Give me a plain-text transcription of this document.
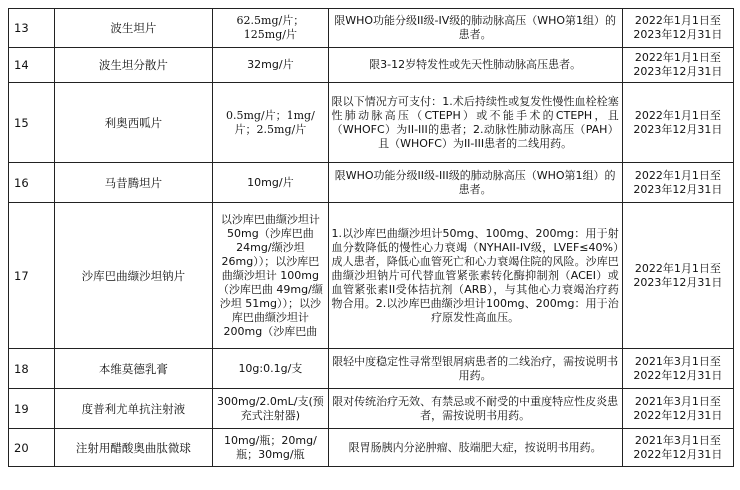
13	波生坦片	62.5mg/片；125mg/片	限WHO功能分级II级-IV级的肺动脉高压（WHO第1组）的患者。	2022年1月1日至2023年12月31日
14	波生坦分散片	32mg/片	限3-12岁特发性或先天性肺动脉高压患者。	2022年1月1日至2023年12月31日
15	利奥西呱片	0.5mg/片；1mg/片；2.5mg/片	限以下情况方可支付：1.术后持续性或复发性慢性血栓栓塞性肺动脉高压（CTEPH）或不能手术的CTEPH，且（WHOFC）为II-III的患者；2.动脉性肺动脉高压（PAH）且（WHOFC）为II-III患者的二线用药。	2022年1月1日至2023年12月31日
16	马昔腾坦片	10mg/片	限WHO功能分级II级-III级的肺动脉高压（WHO第1组）的患者。	2022年1月1日至2023年12月31日
17	沙库巴曲缬沙坦钠片	以沙库巴曲缬沙坦计50mg（沙库巴曲24mg/缬沙坦26mg））；以沙库巴曲缬沙坦计 100mg（沙库巴曲 49mg/缬沙坦 51mg））；以沙库巴曲缬沙坦计200mg（沙库巴曲	1.以沙库巴曲缬沙坦计50mg、100mg、200mg：用于射血分数降低的慢性心力衰竭（NYHAII-IV级，LVEF≤40%）成人患者，降低心血管死亡和心力衰竭住院的风险。沙库巴曲缬沙坦钠片可代替血管紧张素转化酶抑制剂（ACEI）或血管紧张素II受体拮抗剂（ARB），与其他心力衰竭治疗药物合用。2.以沙库巴曲缬沙坦计100mg、200mg：用于治疗原发性高血压。	2022年1月1日至2023年12月31日
18	本维莫德乳膏	10g:0.1g/支	限轻中度稳定性寻常型银屑病患者的二线治疗，需按说明书用药。	2021年3月1日至2022年12月31日
19	度普利尤单抗注射液	300mg/2.0mL/支(预充式注射器)	限对传统治疗无效、有禁忌或不耐受的中重度特应性皮炎患者，需按说明书用药。	2021年3月1日至2022年12月31日
20	注射用醋酸奥曲肽微球	10mg/瓶；20mg/瓶；30mg/瓶	限胃肠胰内分泌肿瘤、肢端肥大症，按说明书用药。	2021年3月1日至2022年12月31日
